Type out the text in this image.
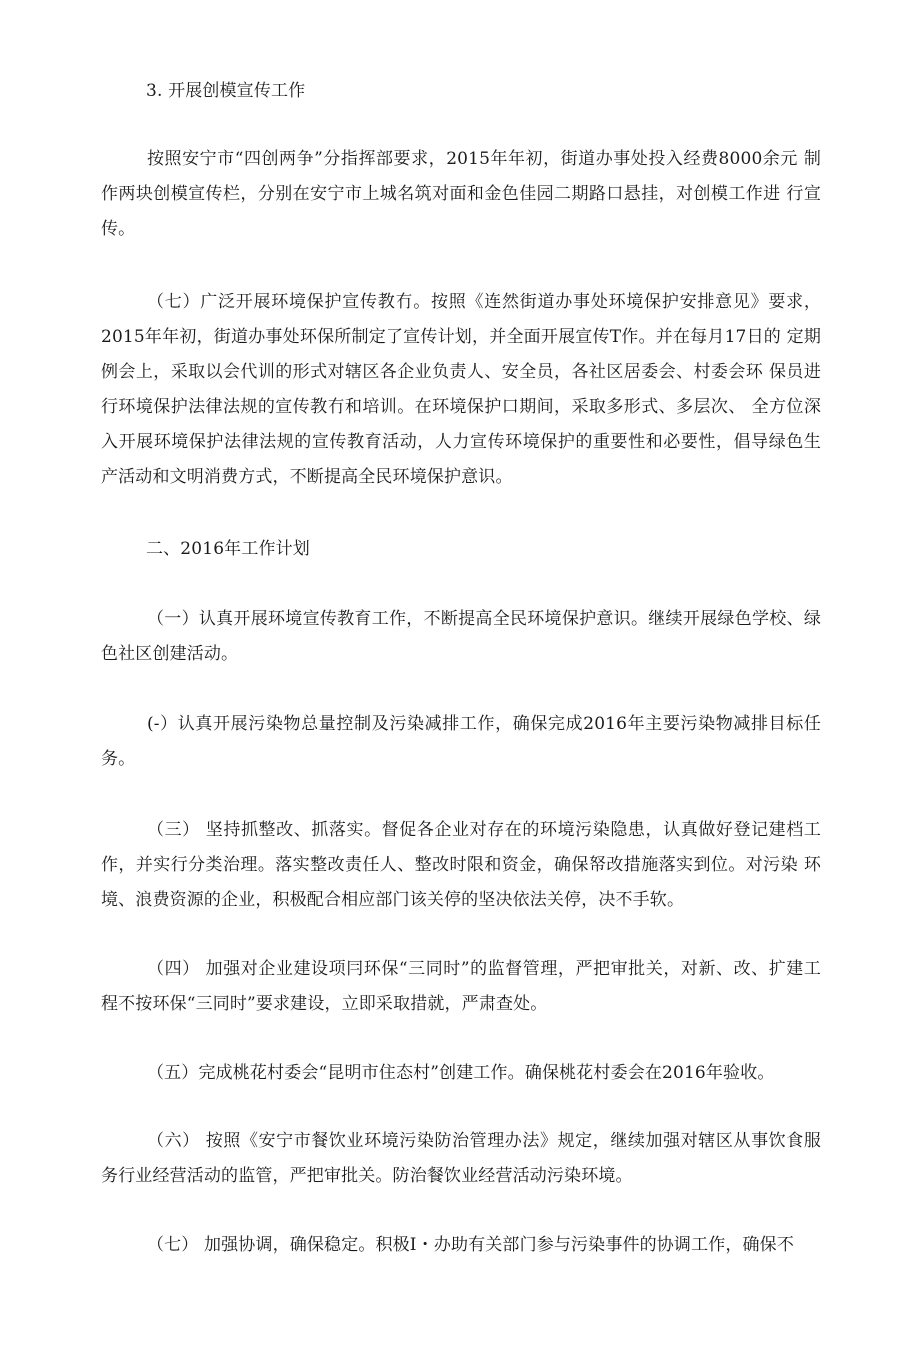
3. 开展创模宣传工作

按照安宁市“四创两争”分指挥部要求，2015年年初，街道办事处投入经费8000余元 制作两块创模宣传栏，分别在安宁市上城名筑对面和金色佳园二期路口悬挂，对创模工作进 行宣传。

（七）广泛开展环境保护宣传教冇。按照《连然街道办事处环境保护安排意见》要求，2015年年初，街道办事处环保所制定了宣传计划，并全面开展宣传T作。并在每月17日的 定期例会上，采取以会代训的形式对辖区各企业负责人、安全员，各社区居委会、村委会环 保员进行环境保护法律法规的宣传教冇和培训。在环境保护口期间，采取多形式、多层次、 全方位深入开展环境保护法律法规的宣传教育活动，人力宣传环境保护的重要性和必要性，倡导绿色生产活动和文明消费方式，不断提高全民环境保护意识。

二、2016年工作计划

（一）认真开展环境宣传教育工作，不断提高全民环境保护意识。继续开展绿色学校、绿色社区创建活动。

(-）认真开展污染物总量控制及污染减排工作，确保完成2016年主要污染物减排目标任务。

（三） 坚持抓整改、抓落实。督促各企业对存在的环境污染隐患，认真做好登记建档工作，并实行分类治理。落实整改责任人、整改时限和资金，确保帑改措施落实到位。对污染 环境、浪费资源的企业，积极配合相应部门该关停的坚决依法关停，决不手软。

（四） 加强对企业建设项冃环保“三同时”的监督管理，严把审批关，对新、改、扩建工程不按环保“三同时”要求建设，立即采取措就，严肃查处。

（五）完成桃花村委会“昆明市住态村”创建工作。确保桃花村委会在2016年验收。

（六） 按照《安宁市餐饮业环境污染防治管理办法》规定，继续加强对辖区从事饮食服务行业经营活动的监管，严把审批关。防治餐饮业经营活动污染环境。

（七） 加强协调，确保稳定。积极I・办助有关部门参与污染事件的协调工作，确保不
